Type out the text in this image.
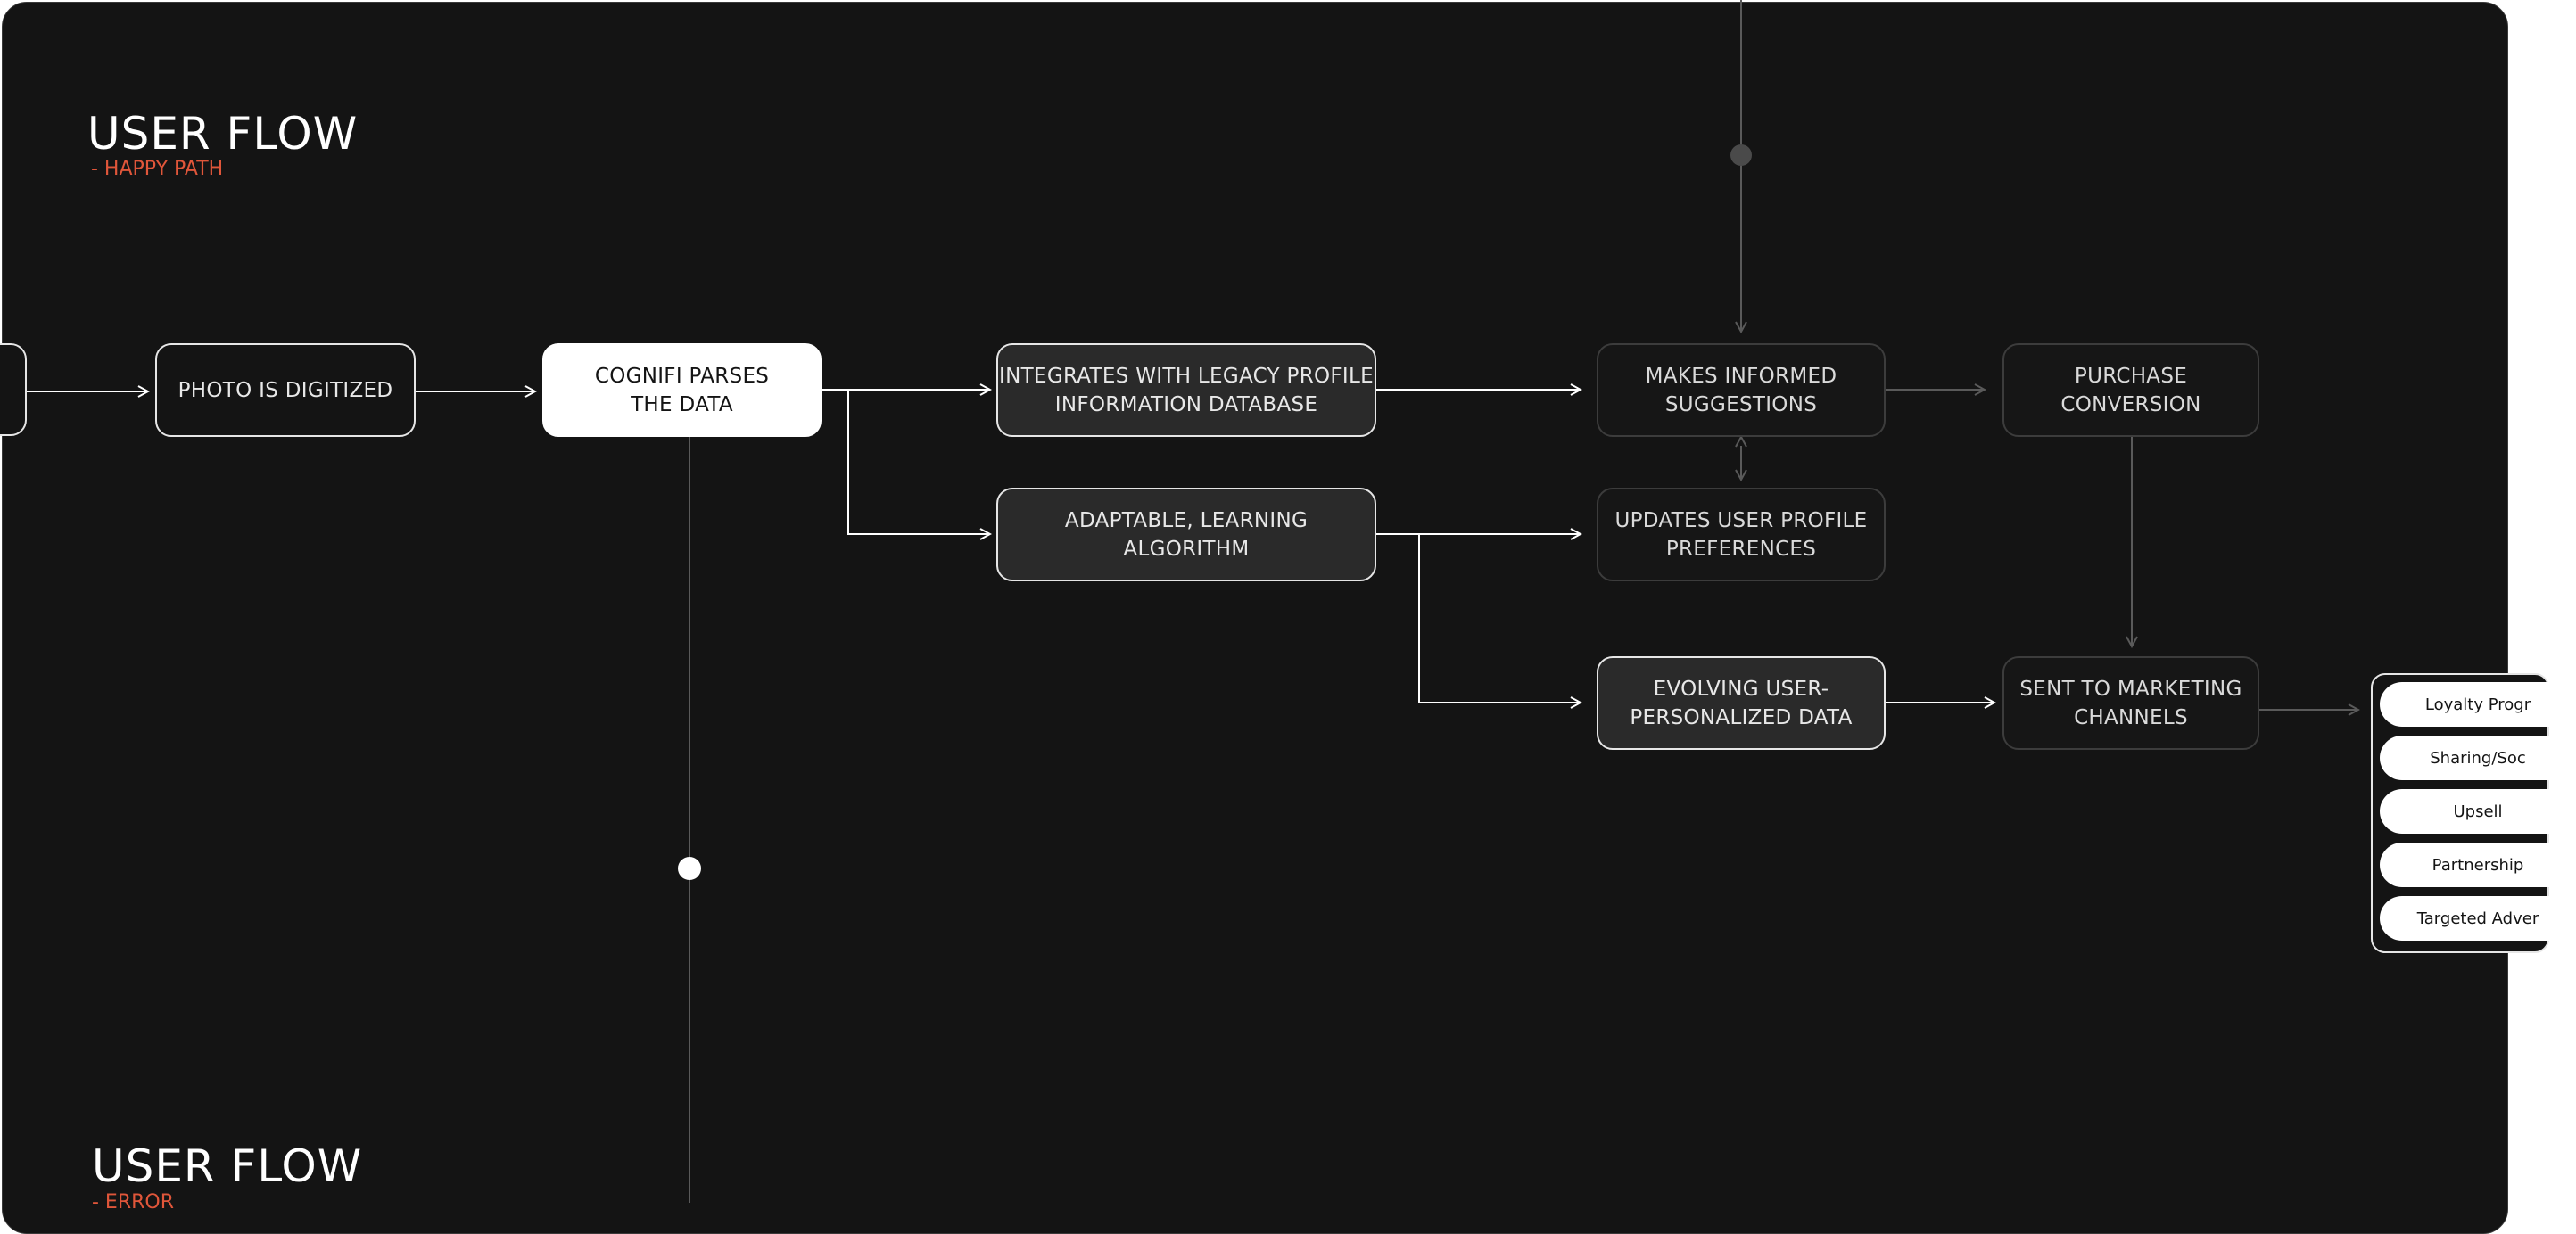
USER FLOW
- HAPPY PATH
USER FLOW
- ERROR
PHOTO IS DIGITIZED
COGNIFI PARSES
THE DATA
INTEGRATES WITH LEGACY PROFILE
INFORMATION DATABASE
ADAPTABLE, LEARNING
ALGORITHM
MAKES INFORMED
SUGGESTIONS
UPDATES USER PROFILE
PREFERENCES
EVOLVING USER-
PERSONALIZED DATA
PURCHASE CONVERSION
SENT TO MARKETING
CHANNELS
Loyalty Progr
Sharing/Soc
Upsell
Partnership
Targeted Adver
